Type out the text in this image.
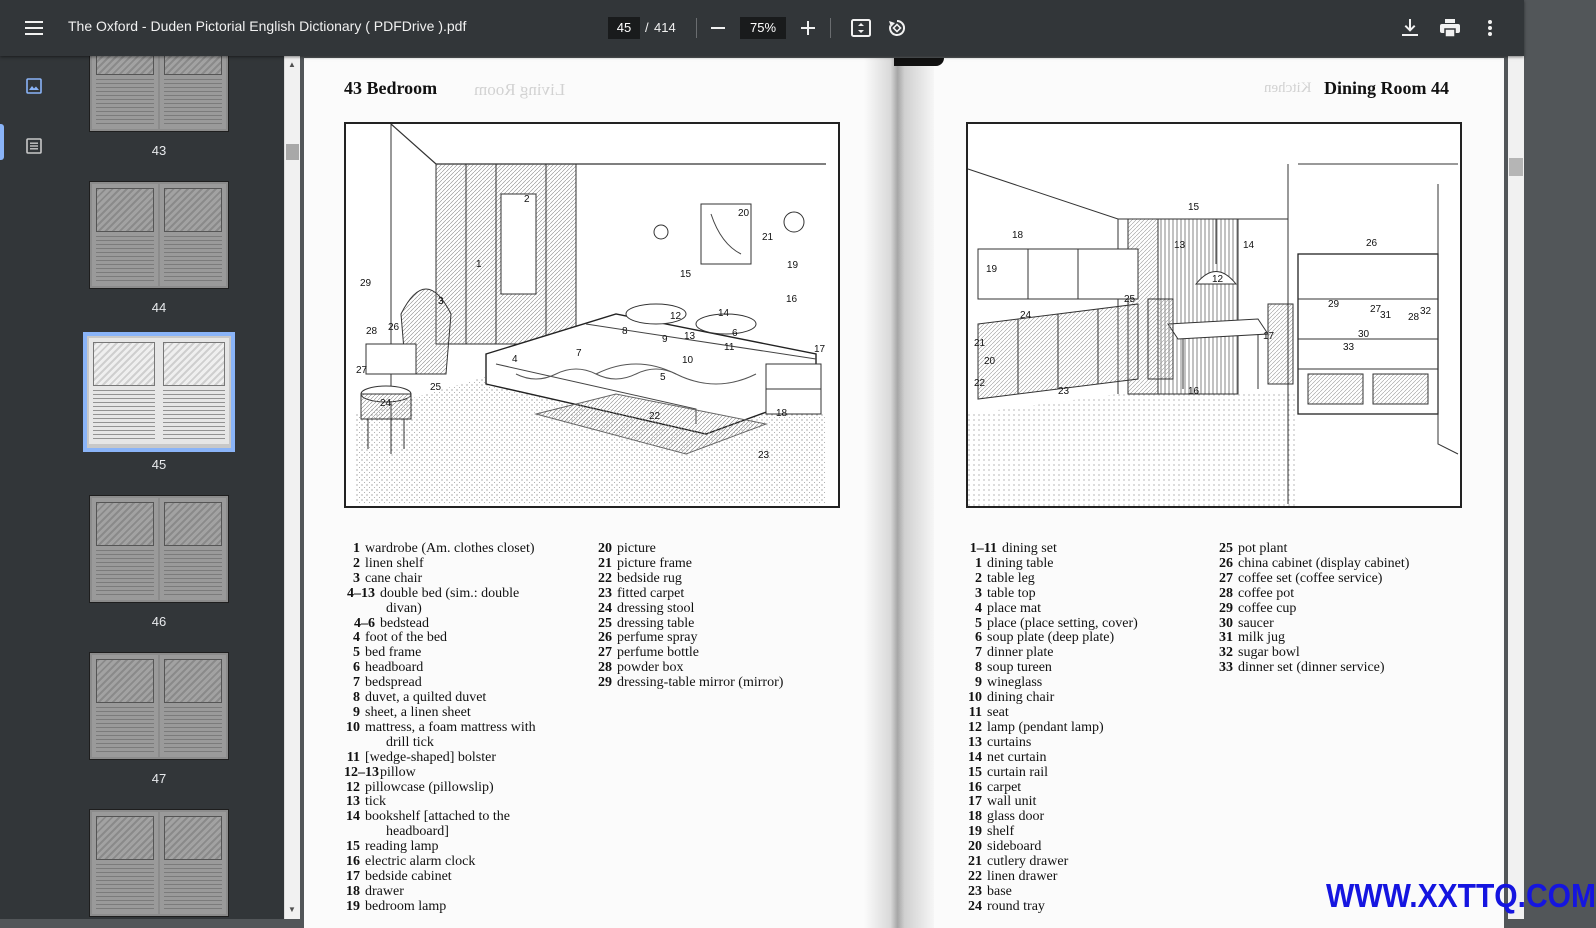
The Oxford - Duden Pictorial English Dictionary ( PDFDrive ).pdf
45	/ 414
75%
43
44
45
46
47
▲
▼
Living Room	Kitchen
43 Bedroom
1
2
3
4
5
6
7
8
9
10
11
12
13
14
15
16
17
18
19
20
21
22
23
24
25
26
27
28
29
1 wardrobe (Am. clothes closet)
2 linen shelf
3 cane chair
4–13 double bed (sim.: double
divan)
4–6 bedstead
4 foot of the bed
5 bed frame
6 headboard
7 bedspread
8 duvet, a quilted duvet
9 sheet, a linen sheet
10 mattress, a foam mattress with
drill tick
11 [wedge-shaped] bolster
12–13 pillow
12 pillowcase (pillowslip)
13 tick
14 bookshelf [attached to the
headboard]
15 reading lamp
16 electric alarm clock
17 bedside cabinet
18 drawer
19 bedroom lamp
20 picture
21 picture frame
22 bedside rug
23 fitted carpet
24 dressing stool
25 dressing table
26 perfume spray
27 perfume bottle
28 powder box
29 dressing-table mirror (mirror)
Dining Room 44
12
13	14
15
16
17
18
19
20
21
22
23
24
25
26
27
28
29
30
31	32
33
1–11 dining set
1 dining table
2 table leg
3 table top
4 place mat
5 place (place setting, cover)
6 soup plate (deep plate)
7 dinner plate
8 soup tureen
9 wineglass
10 dining chair
11 seat
12 lamp (pendant lamp)
13 curtains
14 net curtain
15 curtain rail
16 carpet
17 wall unit
18 glass door
19 shelf
20 sideboard
21 cutlery drawer
22 linen drawer
23 base
24 round tray
25 pot plant
26 china cabinet (display cabinet)
27 coffee set (coffee service)
28 coffee pot
29 coffee cup
30 saucer
31 milk jug
32 sugar bowl
33 dinner set (dinner service)
WWW.XXTTQ.COM
